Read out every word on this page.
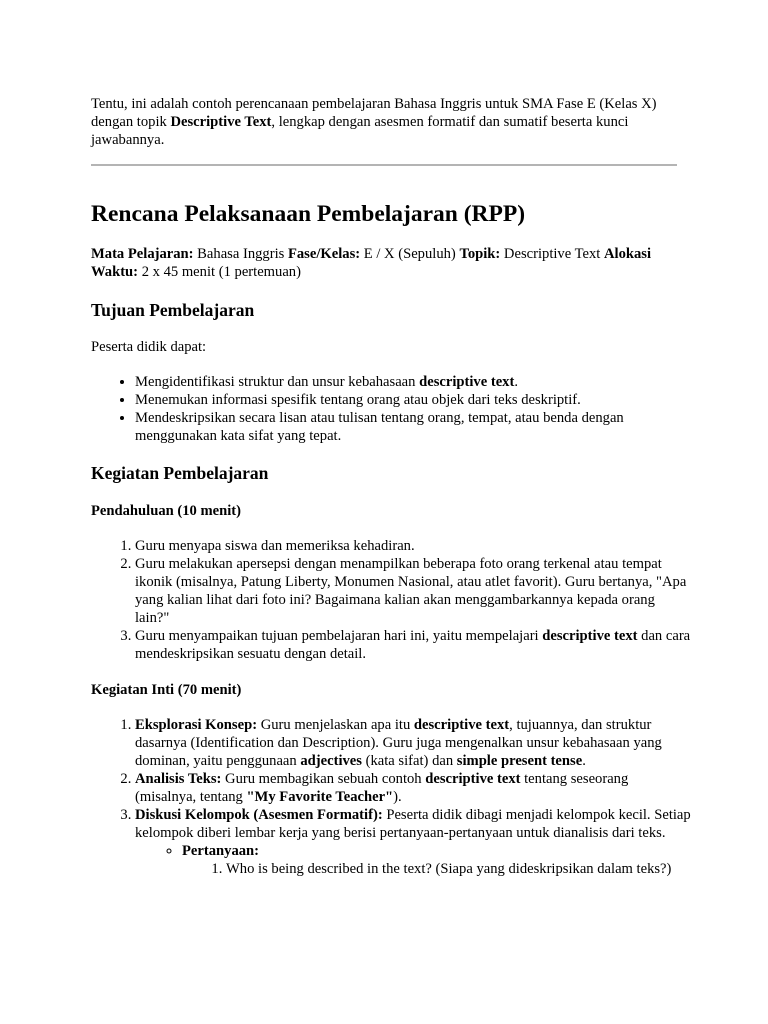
Tentu, ini adalah contoh perencanaan pembelajaran Bahasa Inggris untuk SMA Fase E (Kelas X) dengan topik Descriptive Text, lengkap dengan asesmen formatif dan sumatif beserta kunci jawabannya.

Rencana Pelaksanaan Pembelajaran (RPP)

Mata Pelajaran: Bahasa Inggris Fase/Kelas: E / X (Sepuluh) Topik: Descriptive Text Alokasi Waktu: 2 x 45 menit (1 pertemuan)

Tujuan Pembelajaran

Peserta didik dapat:

• Mengidentifikasi struktur dan unsur kebahasaan descriptive text.
• Menemukan informasi spesifik tentang orang atau objek dari teks deskriptif.
• Mendeskripsikan secara lisan atau tulisan tentang orang, tempat, atau benda dengan menggunakan kata sifat yang tepat.
Kegiatan Pembelajaran
Pendahuluan (10 menit)
1. Guru menyapa siswa dan memeriksa kehadiran.
2. Guru melakukan apersepsi dengan menampilkan beberapa foto orang terkenal atau tempat ikonik (misalnya, Patung Liberty, Monumen Nasional, atau atlet favorit). Guru bertanya, "Apa yang kalian lihat dari foto ini? Bagaimana kalian akan menggambarkannya kepada orang lain?"
3. Guru menyampaikan tujuan pembelajaran hari ini, yaitu mempelajari descriptive text dan cara mendeskripsikan sesuatu dengan detail.
Kegiatan Inti (70 menit)
1. Eksplorasi Konsep: Guru menjelaskan apa itu descriptive text, tujuannya, dan struktur dasarnya (Identification dan Description). Guru juga mengenalkan unsur kebahasaan yang dominan, yaitu penggunaan adjectives (kata sifat) dan simple present tense.
2. Analisis Teks: Guru membagikan sebuah contoh descriptive text tentang seseorang (misalnya, tentang "My Favorite Teacher").
3. Diskusi Kelompok (Asesmen Formatif): Peserta didik dibagi menjadi kelompok kecil. Setiap kelompok diberi lembar kerja yang berisi pertanyaan-pertanyaan untuk dianalisis dari teks.
◦ Pertanyaan:
1. Who is being described in the text? (Siapa yang dideskripsikan dalam teks?)
